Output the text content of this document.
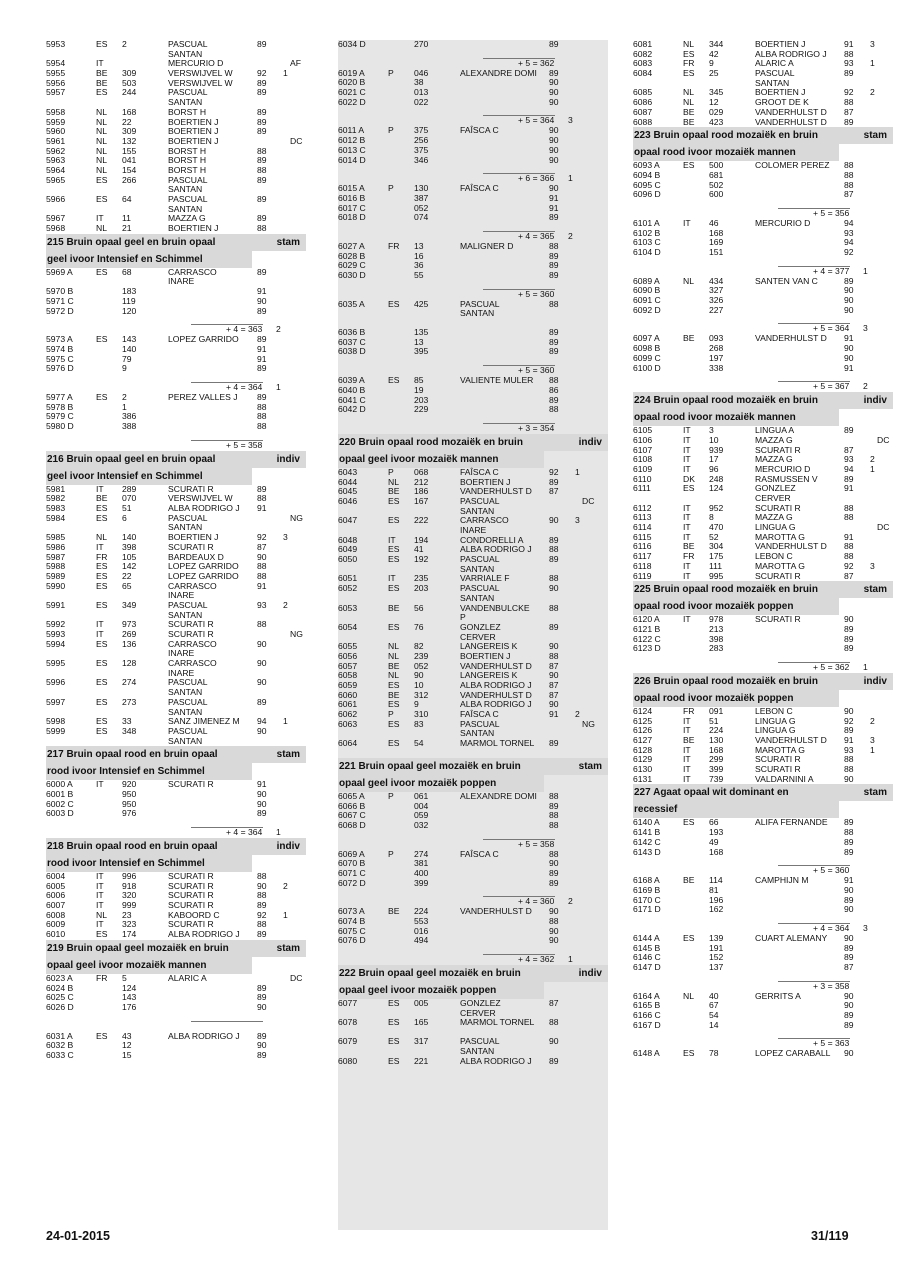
5953	ES 2	PASCUAL	89
SANTAN
5954	IT	MERCURIO D	AF
5955	BE 309	VERSWIJVEL W	92 1
5956	BE 503	VERSWIJVEL W	89
5957	ES 244	PASCUAL	89
SANTAN
5958	NL 168	BORST H	89
5959	NL 22	BOERTIEN J	89
5960	NL 309	BOERTIEN J	89
5961	NL 132	BOERTIEN J	DC
5962	NL 155	BORST H	88
5963	NL 041	BORST H	89
5964	NL 154	BORST H	88
5965	ES 266	PASCUAL	89
SANTAN
5966	ES 64	PASCUAL	89
SANTAN
5967	IT 11	MAZZA G	89
5968	NL 21	BOERTIEN J	88
215 Bruin opaal geel en bruin opaal	stam
geel ivoor Intensief en Schimmel
5969 A	ES 68	CARRASCO	89
INARE
5970 B	183	91
5971 C	119	90
5972 D	120	89
+ 4 = 363 2
5973 A	ES 143	LOPEZ GARRIDO 89
5974 B	140	91
5975 C	79	91
5976 D	9	89
+ 4 = 364 1
5977 A	ES 2	PEREZ VALLES J 89
5978 B	1	88
5979 C	386	88
5980 D	388	88
+ 5 = 358
216 Bruin opaal geel en bruin opaal	indiv
geel ivoor Intensief en Schimmel
5981	IT 289	SCURATI R	89
5982	BE 070	VERSWIJVEL W	88
5983	ES 51	ALBA RODRIGO J 91
5984	ES 6	PASCUAL	NG
SANTAN
5985	NL 140	BOERTIEN J	92 3
5986	IT 398	SCURATI R	87
5987	FR 105	BARDEAUX D	90
5988	ES 142	LOPEZ GARRIDO 88
5989	ES 22	LOPEZ GARRIDO 88
5990	ES 65	CARRASCO	91
INARE
5991	ES 349	PASCUAL	93 2
SANTAN
5992	IT 973	SCURATI R	88
5993	IT 269	SCURATI R	NG
5994	ES 136	CARRASCO	90
INARE
5995	ES 128	CARRASCO	90
INARE
5996	ES 274	PASCUAL	90
SANTAN
5997	ES 273	PASCUAL	89
SANTAN
5998	ES 33	SANZ JIMENEZ M 94 1
5999	ES 348	PASCUAL	90
SANTAN
217 Bruin opaal rood en bruin opaal	stam
rood ivoor Intensief en Schimmel
6000 A	IT 920	SCURATI R	91
6001 B	950	90
6002 C	950	90
6003 D	976	89
+ 4 = 364 1
218 Bruin opaal rood en bruin opaal	indiv
rood ivoor Intensief en Schimmel
6004	IT 996	SCURATI R	88
6005	IT 918	SCURATI R	90 2
6006	IT 320	SCURATI R	88
6007	IT 999	SCURATI R	89
6008	NL 23	KABOORD C	92 1
6009	IT 323	SCURATI R	88
6010	ES 174	ALBA RODRIGO J 89
219 Bruin opaal geel mozaiëk en bruin	stam
opaal geel ivoor mozaiëk mannen
6023 A	FR 5	ALARIC A	DC
6024 B	124	89
6025 C	143	89
6026 D	176	90
6031 A	ES 43	ALBA RODRIGO J 89
6032 B	12	90
6033 C	15	89
6034 D	270	89
+ 5 = 362
6019 A	P 046	ALEXANDRE DOMI 89
6020 B	38	90
6021 C	013	90
6022 D	022	90
+ 5 = 364 3
6011 A	P 375	FAÎSCA C	90
6012 B	256	90
6013 C	375	90
6014 D	346	90
+ 6 = 366 1
6015 A	P 130	FAÎSCA C	90
6016 B	387	91
6017 C	052	91
6018 D	074	89
+ 4 = 365 2
6027 A	FR 13	MALIGNER D	88
6028 B	16	89
6029 C	36	89
6030 D	55	89
+ 5 = 360
6035 A	ES 425	PASCUAL	88
SANTAN
6036 B	135	89
6037 C	13	89
6038 D	395	89
+ 5 = 360
6039 A	ES 85	VALIENTE MULER 88
6040 B	19	86
6041 C	203	89
6042 D	229	88
+ 3 = 354
220 Bruin opaal rood mozaiëk en bruin	indiv
opaal geel ivoor mozaiëk mannen
6043	P 068	FAÎSCA C	92 1
6044	NL 212	BOERTIEN J	89
6045	BE 186	VANDERHULST D 87
6046	ES 167	PASCUAL	DC
SANTAN
6047	ES 222	CARRASCO	90 3
INARE
6048	IT 194	CONDORELLI A	89
6049	ES 41	ALBA RODRIGO J 88
6050	ES 192	PASCUAL	89
SANTAN
6051	IT 235	VARRIALE F	88
6052	ES 203	PASCUAL	90
SANTAN
6053	BE 56	VANDENBULCKE 88
P
6054	ES 76	GONZLEZ	89
CERVER
6055	NL 82	LANGEREIS K	90
6056	NL 239	BOERTIEN J	88
6057	BE 052	VANDERHULST D 87
6058	NL 90	LANGEREIS K	90
6059	ES 10	ALBA RODRIGO J 87
6060	BE 312	VANDERHULST D 87
6061	ES 9	ALBA RODRIGO J 90
6062	P 310	FAÎSCA C	91 2
6063	ES 83	PASCUAL	NG
SANTAN
6064	ES 54	MARMOL TORNEL 89
221 Bruin opaal geel mozaiëk en bruin	stam
opaal geel ivoor mozaiëk poppen
6065 A	P 061	ALEXANDRE DOMI 88
6066 B	004	89
6067 C	059	88
6068 D	032	88
+ 5 = 358
6069 A	P 274	FAÎSCA C	88
6070 B	381	90
6071 C	400	89
6072 D	399	89
+ 4 = 360 2
6073 A	BE 224	VANDERHULST D 90
6074 B	553	88
6075 C	016	90
6076 D	494	90
+ 4 = 362 1
222 Bruin opaal geel mozaiëk en bruin	indiv
opaal geel ivoor mozaiëk poppen
6077	ES 005	GONZLEZ	87
CERVER
6078	ES 165	MARMOL TORNEL 88
6079	ES 317	PASCUAL	90
SANTAN
6080	ES 221	ALBA RODRIGO J 89
6081	NL 344	BOERTIEN J	91 3
6082	ES 42	ALBA RODRIGO J 88
6083	FR 9	ALARIC A	93 1
6084	ES 25	PASCUAL	89
SANTAN
6085	NL 345	BOERTIEN J	92 2
6086	NL 12	GROOT DE K	88
6087	BE 029	VANDERHULST D 87
6088	BE 423	VANDERHULST D 89
223 Bruin opaal rood mozaiëk en bruin	stam
opaal rood ivoor mozaiëk mannen
6093 A	ES 500	COLOMER PEREZ 88
6094 B	681	88
6095 C	502	88
6096 D	600	87
+ 5 = 356
6101 A	IT 46	MERCURIO D	94
6102 B	168	93
6103 C	169	94
6104 D	151	92
+ 4 = 377 1
6089 A	NL 434	SANTEN VAN C	89
6090 B	327	90
6091 C	326	90
6092 D	227	90
+ 5 = 364 3
6097 A	BE 093	VANDERHULST D 91
6098 B	268	90
6099 C	197	90
6100 D	338	91
+ 5 = 367 2
224 Bruin opaal rood mozaiëk en bruin	indiv
opaal rood ivoor mozaiëk mannen
6105	IT 3	LINGUA A	89
6106	IT 10	MAZZA G	DC
6107	IT 939	SCURATI R	87
6108	IT 17	MAZZA G	93 2
6109	IT 96	MERCURIO D	94 1
6110	DK 248	RASMUSSEN V	89
6111	ES 124	GONZLEZ	91
CERVER
6112	IT 952	SCURATI R	88
6113	IT 8	MAZZA G	88
6114	IT 470	LINGUA G	DC
6115	IT 52	MAROTTA G	91
6116	BE 304	VANDERHULST D 88
6117	FR 175	LEBON C	88
6118	IT 111	MAROTTA G	92 3
6119	IT 995	SCURATI R	87
225 Bruin opaal rood mozaiëk en bruin	stam
opaal rood ivoor mozaiëk poppen
6120 A	IT 978	SCURATI R	90
6121 B	213	89
6122 C	398	89
6123 D	283	89
+ 5 = 362 1
226 Bruin opaal rood mozaiëk en bruin	indiv
opaal rood ivoor mozaiëk poppen
6124	FR 091	LEBON C	90
6125	IT 51	LINGUA G	92 2
6126	IT 224	LINGUA G	89
6127	BE 130	VANDERHULST D 91 3
6128	IT 168	MAROTTA G	93 1
6129	IT 299	SCURATI R	88
6130	IT 399	SCURATI R	88
6131	IT 739	VALDARNINI A	90
227 Agaat opaal wit dominant en	stam
recessief
6140 A	ES 66	ALIFA FERNANDE 89
6141 B	193	88
6142 C	49	89
6143 D	168	89
+ 5 = 360
6168 A	BE 114	CAMPHIJN M	91
6169 B	81	90
6170 C	196	89
6171 D	162	90
+ 4 = 364 3
6144 A	ES 139	CUART ALEMANY 90
6145 B	191	89
6146 C	152	89
6147 D	137	87
+ 3 = 358
6164 A	NL 40	GERRITS A	90
6165 B	67	90
6166 C	54	89
6167 D	14	89
+ 5 = 363
6148 A	ES 78	LOPEZ CARABALL 90
24-01-2015	31/119
